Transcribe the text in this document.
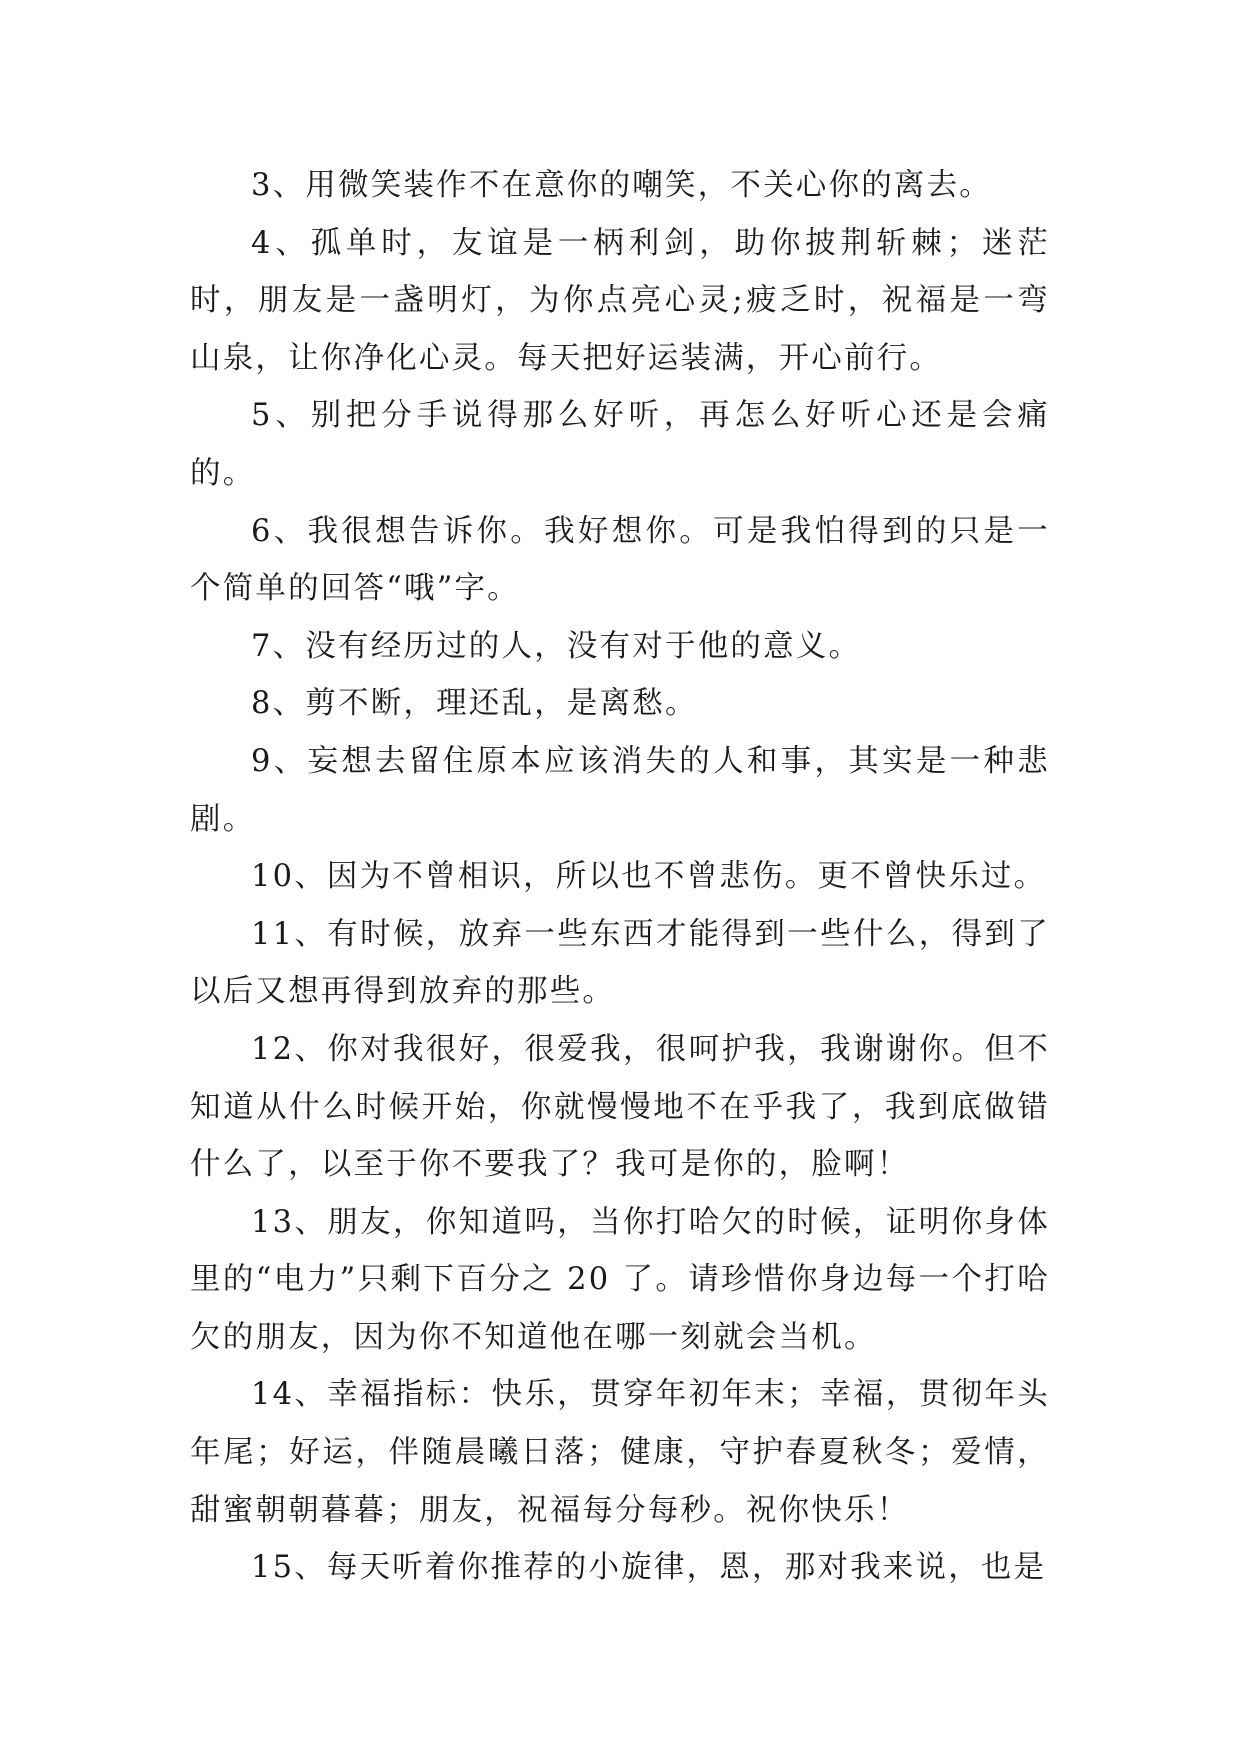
3、用微笑装作不在意你的嘲笑，不关心你的离去。

4、孤单时，友谊是一柄利剑，助你披荆斩棘；迷茫时，朋友是一盏明灯，为你点亮心灵;疲乏时，祝福是一弯山泉，让你净化心灵。每天把好运装满，开心前行。

5、别把分手说得那么好听，再怎么好听心还是会痛的。

6、我很想告诉你。我好想你。可是我怕得到的只是一个简单的回答“哦”字。

7、没有经历过的人，没有对于他的意义。

8、剪不断，理还乱，是离愁。

9、妄想去留住原本应该消失的人和事，其实是一种悲剧。

10、因为不曾相识，所以也不曾悲伤。更不曾快乐过。

11、有时候，放弃一些东西才能得到一些什么，得到了以后又想再得到放弃的那些。

12、你对我很好，很爱我，很呵护我，我谢谢你。但不知道从什么时候开始，你就慢慢地不在乎我了，我到底做错什么了，以至于你不要我了？我可是你的，脸啊！

13、朋友，你知道吗，当你打哈欠的时候，证明你身体里的“电力”只剩下百分之 20 了。请珍惜你身边每一个打哈欠的朋友，因为你不知道他在哪一刻就会当机。

14、幸福指标：快乐，贯穿年初年末；幸福，贯彻年头年尾；好运，伴随晨曦日落；健康，守护春夏秋冬；爱情，甜蜜朝朝暮暮；朋友，祝福每分每秒。祝你快乐！

15、每天听着你推荐的小旋律，恩，那对我来说，也是
